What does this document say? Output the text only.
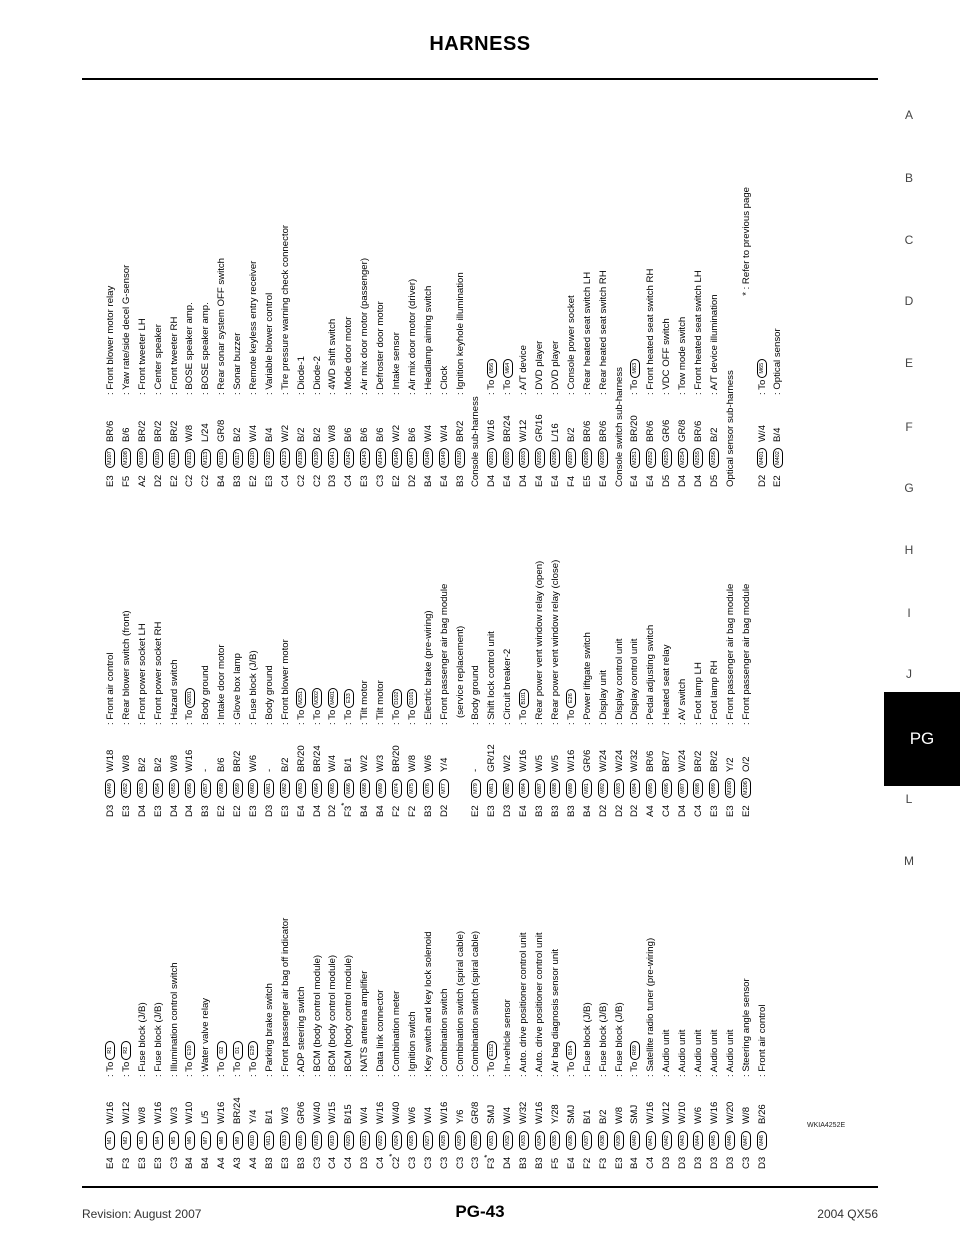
HARNESS
A
B
C
D
E
F
G
H
I
J
PG
L
M
E4M1W/16: ToR1
F3M2W/12: ToR2
E3M3W/8: Fuse block (J/B)
E3M4W/16: Fuse block (J/B)
C3M5W/3: Illumination control switch
B4M6W/10: ToE10
B4M7L/5: Water valve relay
A4M8W/16: ToD2
A3M9BR/24: ToD1
A4M10Y/4: ToE29
B3M11B/1: Parking brake switch
E3M13W/3: Front passenger air bag off indicator
B3M16GR/6: ADP steering switch
C3M18W/40: BCM (body control module)
C4M19W/15: BCM (body control module)
C4M20B/15: BCM (body control module)
D3M21W/4: NATS antenna amplifier
C4M22W/16: Data link connector
C2*M24W/40: Combination meter
C3M26W/6: Ignition switch
C3M27W/4: Key switch and key lock solenoid
C3M28W/16: Combination switch
C3M29Y/6: Combination switch (spiral cable)
C3M30GR/8: Combination switch (spiral cable)
F3*M31SMJ: ToE152
D4M32W/4: In-vehicle sensor
B3M33W/32: Auto. drive positioner control unit
B3M34W/16: Auto. drive positioner control unit
F5M35Y/28: Air bag diagnosis sensor unit
E4M36SMJ: ToB14
F2M37B/1: Fuse block (J/B)
F3M38B/2: Fuse block (J/B)
E3M39W/8: Fuse block (J/B)
B4M40SMJ: ToR69
C4M41W/16: Satellite radio tuner (pre-wiring)
D3M42W/12: Audio unit
D3M43W/10: Audio unit
D3M44W/6: Audio unit
D3M45W/16: Audio unit
D3M46W/20: Audio unit
C3M47W/8: Steering angle sensor
D3M48B/26: Front air control
D3M49W/18: Front air control
E3M52W/8: Rear blower switch (front)
D4M53B/2: Front power socket LH
E3M54B/2: Front power socket RH
D4M55W/8: Hazard switch
D4M56W/16: ToM201
B3M57-: Body ground
E2M58B/6: Intake door motor
E2M59BR/2: Glove box lamp
E3M60W/6: Fuse block (J/B)
D3M61-: Body ground
E3M62B/2: Front blower motor
E4M63BR/20: ToM251
D4M64BR/24: ToM302
D2M65W/4: ToM401
F3*M66B/1: ToE33
B4M68W/2: Tilt motor
B4M69W/3: Tilt motor
F2M74BR/20: ToD102
F2M75W/8: ToD101
B3M76W/6: Electric brake (pre-wiring)
D2M77Y/4: Front passenger air bag module (service replacement)
E2M79-: Body ground
E3M81GR/12: Shift lock control unit
D3M82W/2: Circuit breaker-2
E4M84W/16: ToB101
B3M87W/5: Rear power vent window relay (open)
B3M88W/5: Rear power vent window relay (close)
B3M89W/16: ToE26
B4M91GR/6: Power liftgate switch
D2M92W/24: Display unit
D2M93W/24: Display control unit
D2M94W/32: Display control unit
A4M95BR/6: Pedal adjusting switch
C4M96BR/7: Heated seat relay
D4M97W/24: AV switch
C4M98BR/2: Foot lamp LH
E3M99BR/2: Foot lamp RH
E3M100Y/2: Front passenger air bag module
E2M106O/2: Front passenger air bag module
E3M107BR/6: Front blower motor relay
F5M108B/6: Yaw rate/side decel G-sensor
A2M109BR/2: Front tweeter LH
D2M110BR/2: Center speaker
E2M111BR/2: Front tweeter RH
C2M112W/8: BOSE speaker amp.
C2M113L/24: BOSE speaker amp.
B4M115GR/8: Rear sonar system OFF switch
B3M117B/2: Sonar buzzer
E2M120W/4: Remote keyless entry receiver
E3M122B/4: Variable blower control
C4M123W/2: Tire pressure warning check connector
C2M138B/2: Diode-1
C2M139B/2: Diode-2
D3M141W/8: 4WD shift switch
C4M142B/6: Mode door motor
E3M143B/6: Air mix door motor (passenger)
C3M144B/6: Defroster door motor
E2M146W/2: Intake sensor
D2M147B/6: Air mix door motor (driver)
B4M148W/4: Headlamp aiming switch
E4M149W/4: Clock
B3M150BR/2: Ignition keyhole illumination
Console sub-harness D4M201W/16: ToM56
E4M202BR/24: ToM64
D4M203W/12: A/T device
E4M205GR/16: DVD player
E4M206L/16: DVD player
F4M207B/2: Console power socket
E5M208BR/6: Rear heated seat switch LH
E4M209BR/6: Rear heated seat switch RH
Console switch sub-harness E4M251BR/20: ToM63
E4M252BR/6: Front heated seat switch RH
D5M253GR/6: VDC OFF switch
D4M254GR/8: Tow mode switch
D4M255BR/6: Front heated seat switch LH
D5M256B/2: A/T device illumination
Optical sensor sub-harness
* : Refer to previous page
D2M401W/4: ToM65
E2M402B/4: Optical sensor
WKIA4252E
Revision: August 2007	PG-43	2004 QX56
